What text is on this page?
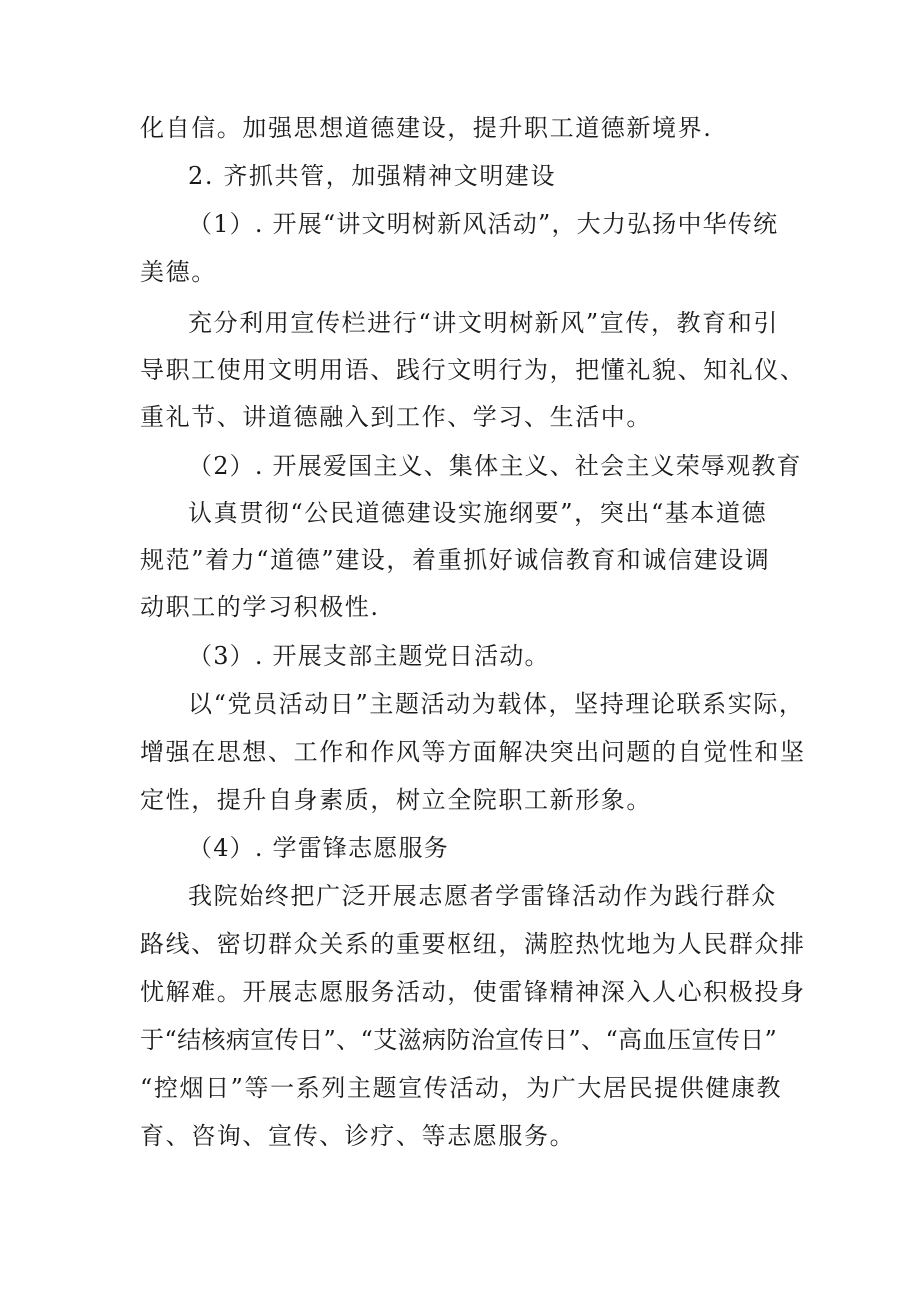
化自信。加强思想道德建设，提升职工道德新境界.
2. 齐抓共管，加强精神文明建设
（1）. 开展“讲文明树新风活动”，大力弘扬中华传统
美德。
充分利用宣传栏进行“讲文明树新风”宣传，教育和引
导职工使用文明用语、践行文明行为，把懂礼貌、知礼仪、
重礼节、讲道德融入到工作、学习、生活中。
（2）. 开展爱国主义、集体主义、社会主义荣辱观教育
认真贯彻“公民道德建设实施纲要”，突出“基本道德
规范”着力“道德”建设，着重抓好诚信教育和诚信建设调
动职工的学习积极性.
（3）. 开展支部主题党日活动。
以“党员活动日”主题活动为载体，坚持理论联系实际，
增强在思想、工作和作风等方面解决突出问题的自觉性和坚
定性，提升自身素质，树立全院职工新形象。
（4）. 学雷锋志愿服务
我院始终把广泛开展志愿者学雷锋活动作为践行群众
路线、密切群众关系的重要枢纽，满腔热忱地为人民群众排
忧解难。开展志愿服务活动，使雷锋精神深入人心积极投身
于“结核病宣传日”、“艾滋病防治宣传日”、“高血压宣传日”
“控烟日”等一系列主题宣传活动，为广大居民提供健康教
育、咨询、宣传、诊疗、等志愿服务。
